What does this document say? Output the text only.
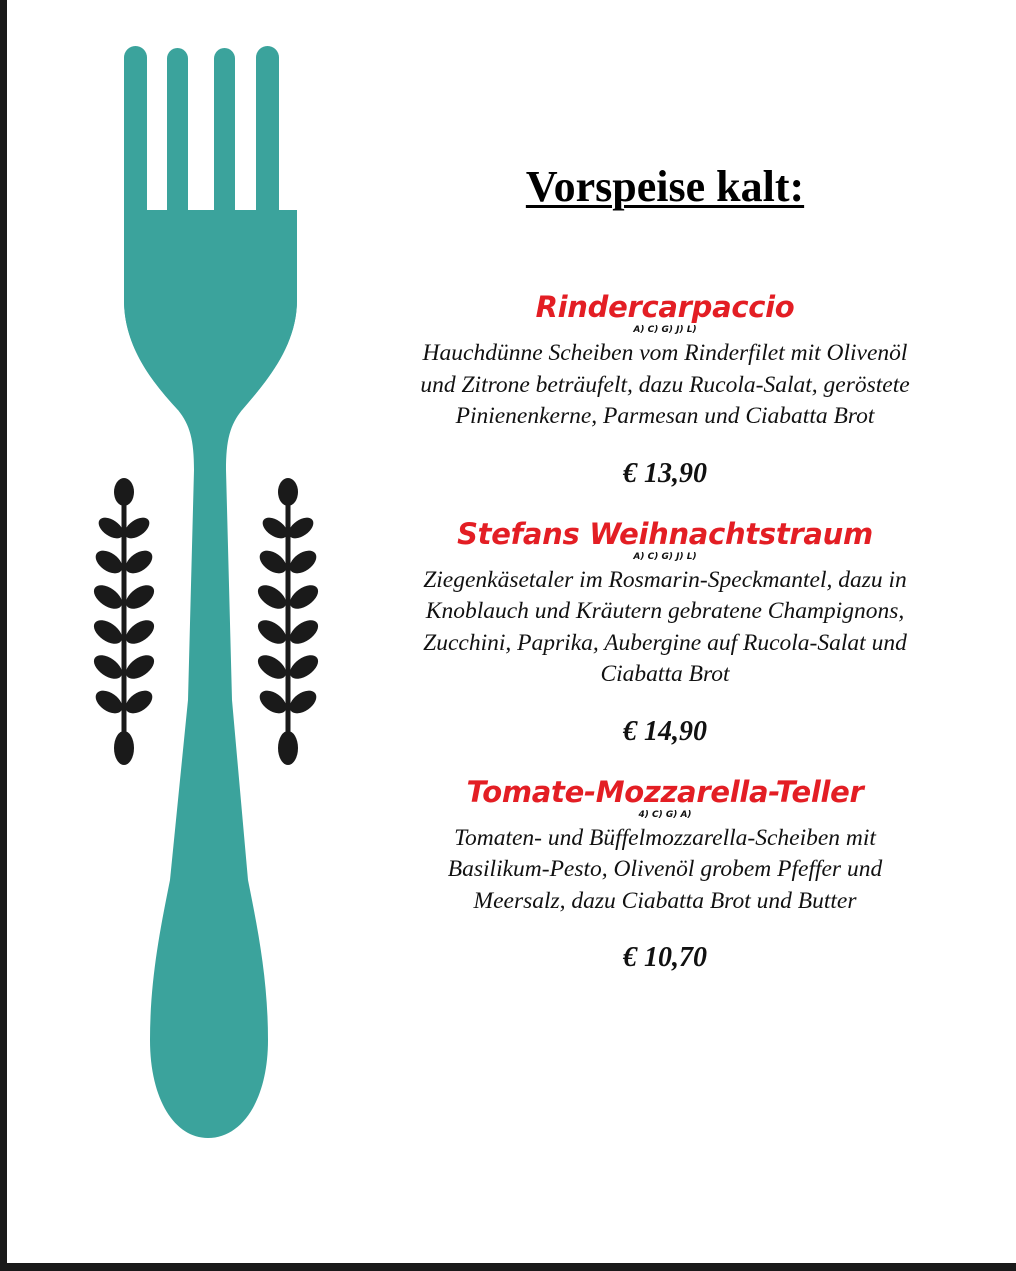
Vorspeise kalt:
Rindercarpaccio
A) C) G) J) L)
Hauchdünne Scheiben vom Rinderfilet mit Olivenöl und Zitrone beträufelt, dazu Rucola-Salat, geröstete Pinienenkerne, Parmesan und Ciabatta Brot
€ 13,90
Stefans Weihnachtstraum
A) C) G) J) L)
Ziegenkäsetaler im Rosmarin-Speckmantel, dazu in Knoblauch und Kräutern gebratene Champignons, Zucchini, Paprika, Aubergine auf Rucola-Salat und Ciabatta Brot
€ 14,90
Tomate-Mozzarella-Teller
4) C) G) A)
Tomaten- und Büffelmozzarella-Scheiben mit Basilikum-Pesto, Olivenöl grobem Pfeffer und Meersalz, dazu Ciabatta Brot und Butter
€ 10,70
